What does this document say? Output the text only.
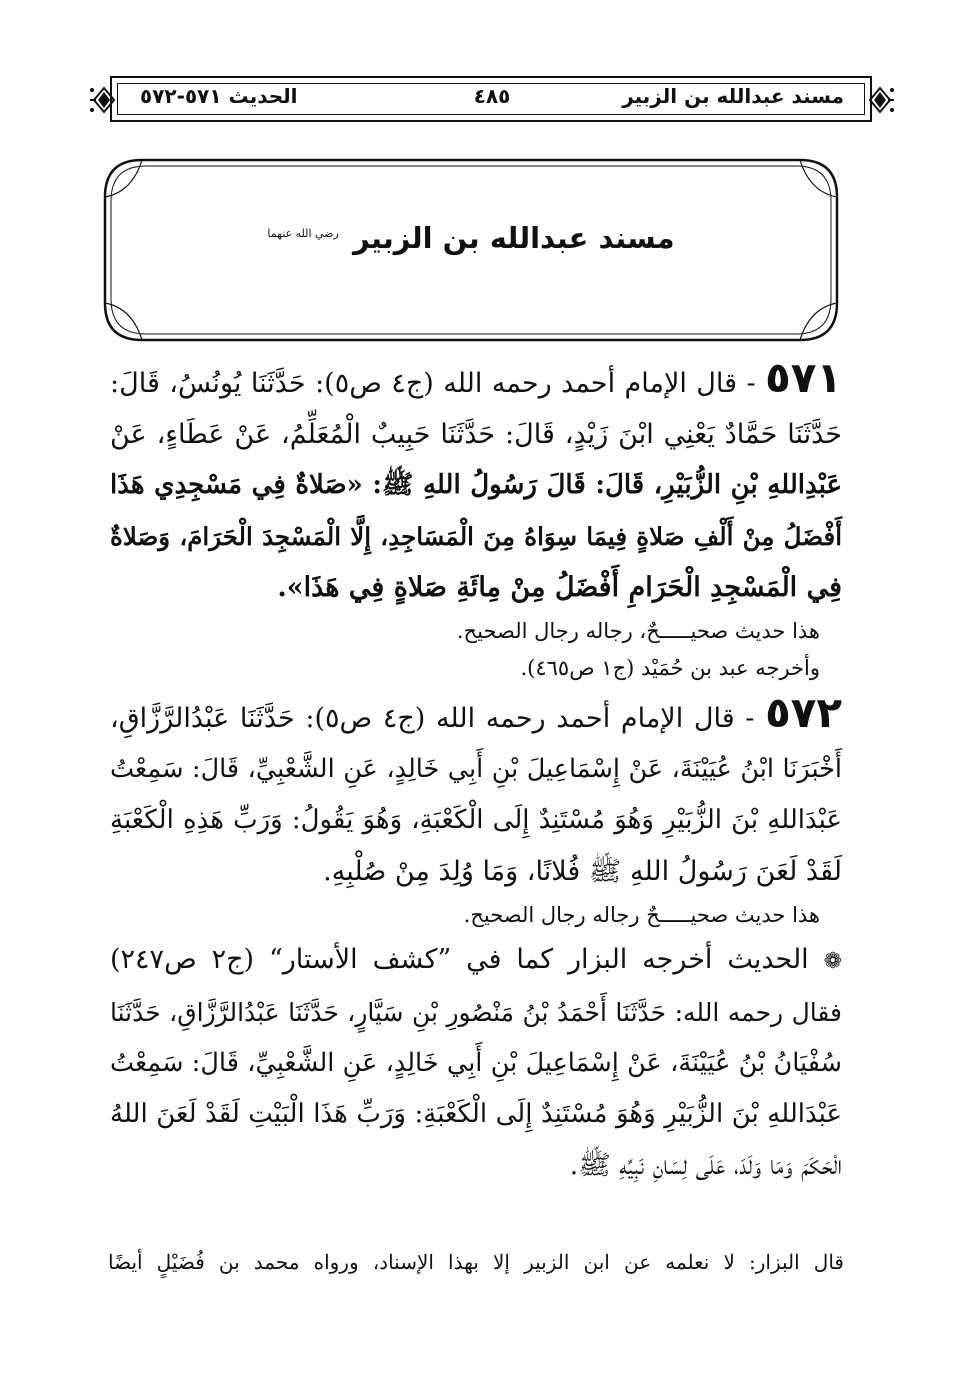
مسند عبدالله بن الزبير
٤٨٥
الحديث ٥٧١-٥٧٢
مسند عبدالله بن الزبير $^{رضي الله عنهما}$
٥٧١ - قال الإمام أحمد رحمه الله (ج٤ ص٥): حَدَّثَنَا يُونُسُ، قَالَ:
حَدَّثَنَا حَمَّادٌ يَعْنِي ابْنَ زَيْدٍ، قَالَ: حَدَّثَنَا حَبِيبٌ الْمُعَلِّمُ، عَنْ عَطَاءٍ، عَنْ
عَبْدِاللهِ بْنِ الزُّبَيْرِ، قَالَ: قَالَ رَسُولُ اللهِ ﷺ: «صَلاةٌ فِي مَسْجِدِي هَذَا
أَفْضَلُ مِنْ أَلْفِ صَلاةٍ فِيمَا سِوَاهُ مِنَ الْمَسَاجِدِ، إِلَّا الْمَسْجِدَ الْحَرَامَ، وَصَلاةٌ
فِي الْمَسْجِدِ الْحَرَامِ أَفْضَلُ مِنْ مِائَةِ صَلاةٍ فِي هَذَا».
هذا حديث صحيـــــحٌ، رجاله رجال الصحيح.
وأخرجه عبد بن حُمَيْد (ج١ ص٤٦٥).
٥٧٢ - قال الإمام أحمد رحمه الله (ج٤ ص٥): حَدَّثَنَا عَبْدُالرَّزَّاقِ،
أَخْبَرَنَا ابْنُ عُيَيْنَةَ، عَنْ إِسْمَاعِيلَ بْنِ أَبِي خَالِدٍ، عَنِ الشَّعْبِيِّ، قَالَ: سَمِعْتُ
عَبْدَاللهِ بْنَ الزُّبَيْرِ وَهُوَ مُسْتَنِدٌ إِلَى الْكَعْبَةِ، وَهُوَ يَقُولُ: وَرَبِّ هَذِهِ الْكَعْبَةِ
لَقَدْ لَعَنَ رَسُولُ اللهِ ﷺ فُلانًا، وَمَا وُلِدَ مِنْ صُلْبِهِ.
هذا حديث صحيـــــحٌ رجاله رجال الصحيح.
❁ الحديث أخرجه البزار كما في ”كشف الأستار“ (ج٢ ص٢٤٧)
فقال رحمه الله: حَدَّثَنَا أَحْمَدُ بْنُ مَنْصُورِ بْنِ سَيَّارٍ، حَدَّثَنَا عَبْدُالرَّزَّاقِ، حَدَّثَنَا
سُفْيَانُ بْنُ عُيَيْنَةَ، عَنْ إِسْمَاعِيلَ بْنِ أَبِي خَالِدٍ، عَنِ الشَّعْبِيِّ، قَالَ: سَمِعْتُ
عَبْدَاللهِ بْنَ الزُّبَيْرِ وَهُوَ مُسْتَنِدٌ إِلَى الْكَعْبَةِ: وَرَبِّ هَذَا الْبَيْتِ لَقَدْ لَعَنَ اللهُ
الْحَكَمَ وَمَا وَلَدَ، عَلَى لِسَانِ نَبِيِّهِ ﷺ.
قال البزار: لا نعلمه عن ابن الزبير إلا بهذا الإسناد، ورواه محمد بن فُضَيْلٍ أيضًا
